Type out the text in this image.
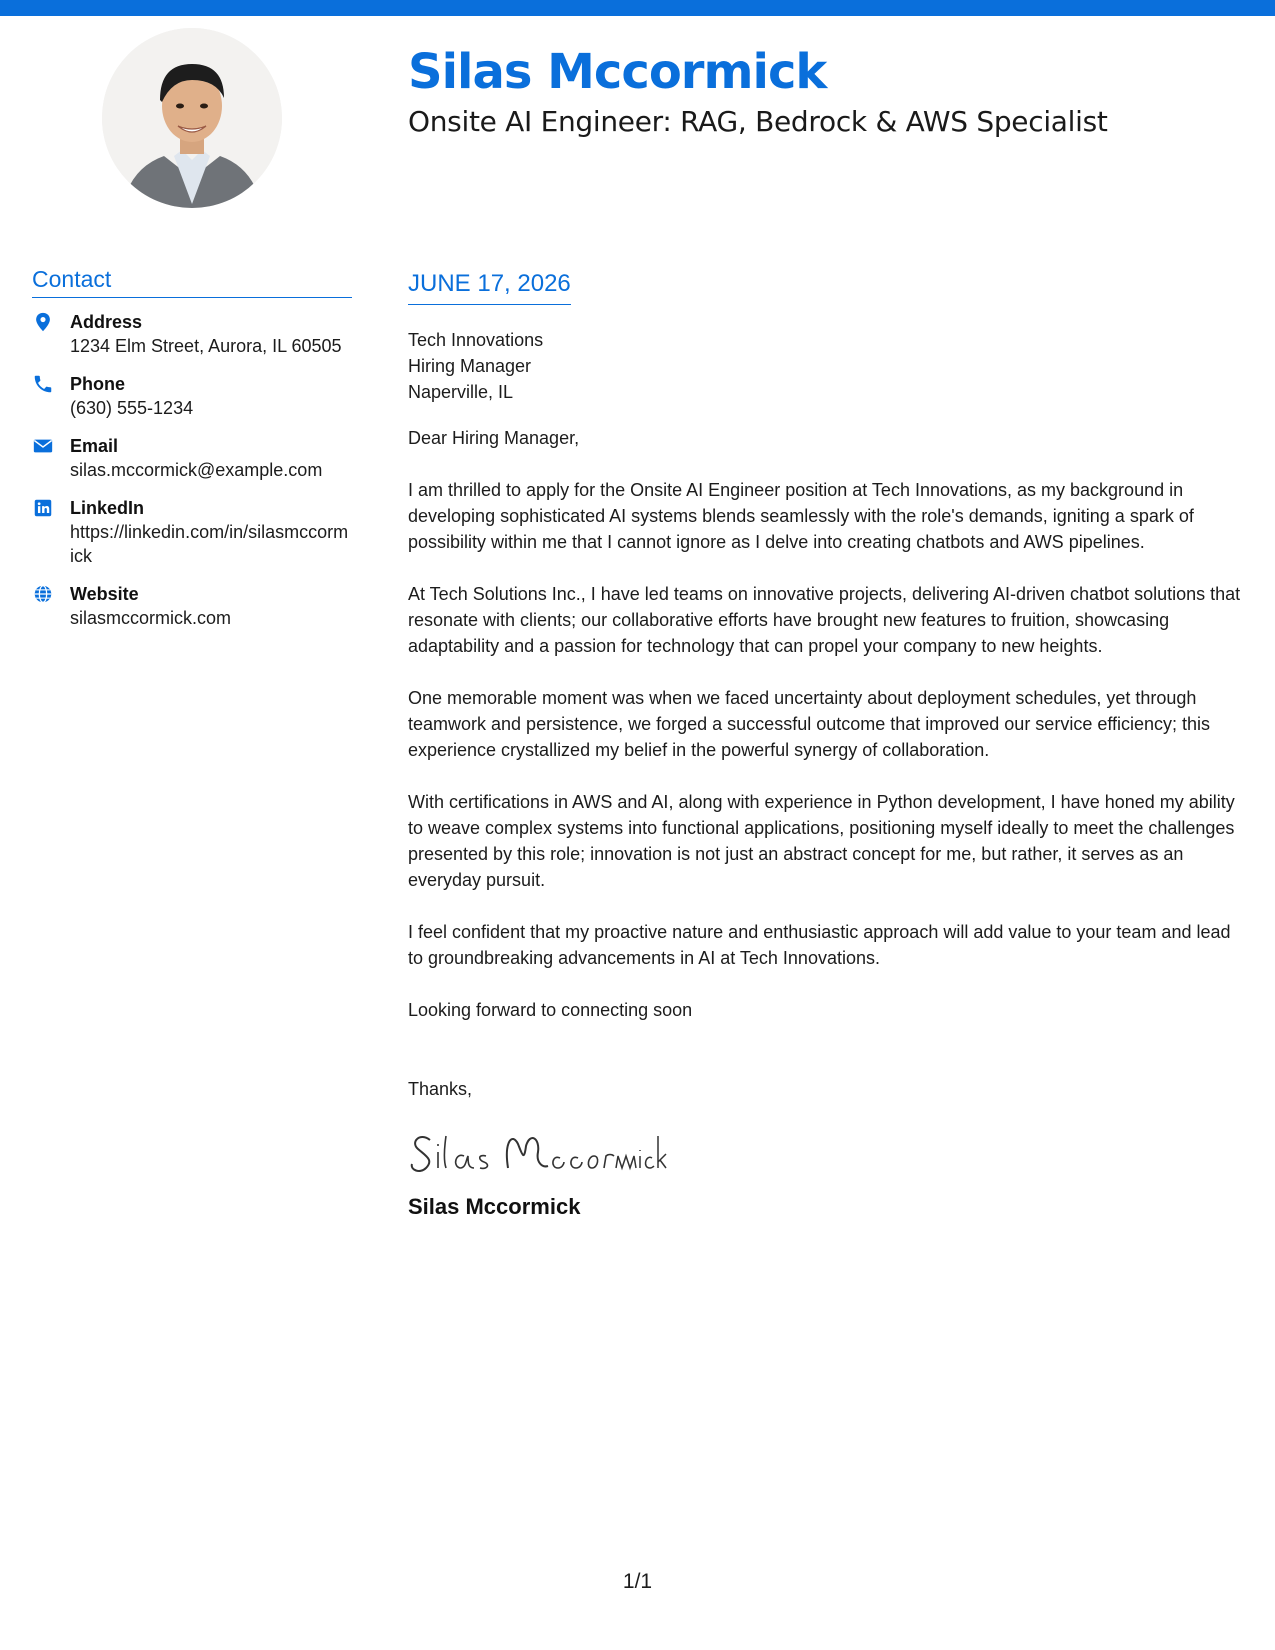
Silas Mccormick
Onsite AI Engineer: RAG, Bedrock & AWS Specialist
Contact
Address
1234 Elm Street, Aurora, IL 60505
Phone
(630) 555-1234
Email
silas.mccormick@example.com
LinkedIn
https://linkedin.com/in/silasmccormick
Website
silasmccormick.com
JUNE 17, 2026
Tech Innovations
Hiring Manager
Naperville, IL
Dear Hiring Manager,

I am thrilled to apply for the Onsite AI Engineer position at Tech Innovations, as my background in developing sophisticated AI systems blends seamlessly with the role's demands, igniting a spark of possibility within me that I cannot ignore as I delve into creating chatbots and AWS pipelines.

At Tech Solutions Inc., I have led teams on innovative projects, delivering AI-driven chatbot solutions that resonate with clients; our collaborative efforts have brought new features to fruition, showcasing adaptability and a passion for technology that can propel your company to new heights.

One memorable moment was when we faced uncertainty about deployment schedules, yet through teamwork and persistence, we forged a successful outcome that improved our service efficiency; this experience crystallized my belief in the powerful synergy of collaboration.

With certifications in AWS and AI, along with experience in Python development, I have honed my ability to weave complex systems into functional applications, positioning myself ideally to meet the challenges presented by this role; innovation is not just an abstract concept for me, but rather, it serves as an everyday pursuit.

I feel confident that my proactive nature and enthusiastic approach will add value to your team and lead to groundbreaking advancements in AI at Tech Innovations.

Looking forward to connecting soon
Thanks,
Silas Mccormick
1/1
